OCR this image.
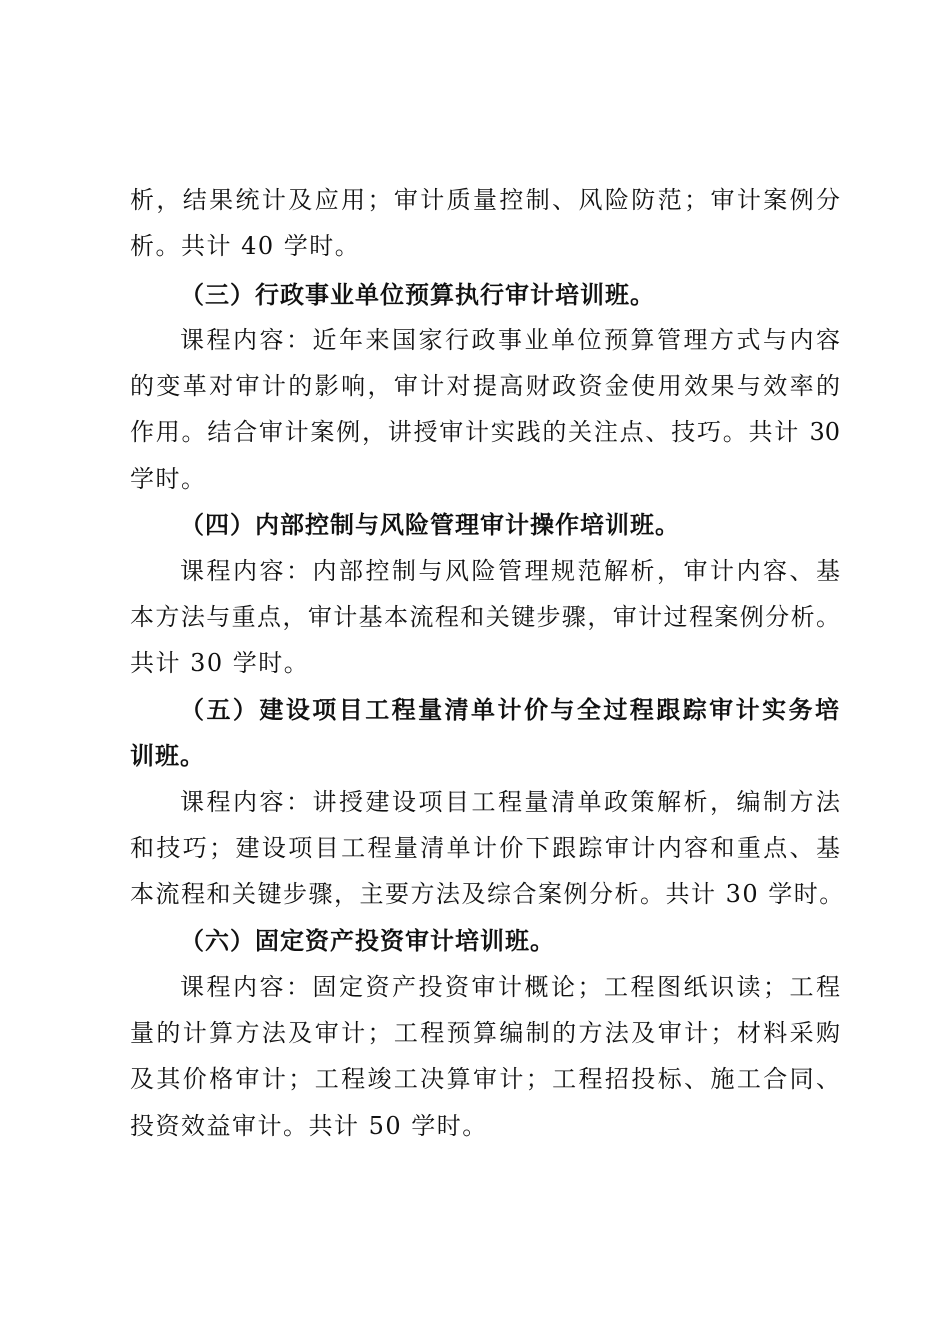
析，结果统计及应用；审计质量控制、风险防范；审计案例分
析。共计 40 学时。
（三）行政事业单位预算执行审计培训班。
课程内容：近年来国家行政事业单位预算管理方式与内容
的变革对审计的影响，审计对提高财政资金使用效果与效率的
作用。结合审计案例，讲授审计实践的关注点、技巧。共计 30
学时。
（四）内部控制与风险管理审计操作培训班。
课程内容：内部控制与风险管理规范解析，审计内容、基
本方法与重点，审计基本流程和关键步骤，审计过程案例分析。
共计 30 学时。
（五）建设项目工程量清单计价与全过程跟踪审计实务培
训班。
课程内容：讲授建设项目工程量清单政策解析，编制方法
和技巧；建设项目工程量清单计价下跟踪审计内容和重点、基
本流程和关键步骤，主要方法及综合案例分析。共计 30 学时。
（六）固定资产投资审计培训班。
课程内容：固定资产投资审计概论；工程图纸识读；工程
量的计算方法及审计；工程预算编制的方法及审计；材料采购
及其价格审计；工程竣工决算审计；工程招投标、施工合同、
投资效益审计。共计 50 学时。
